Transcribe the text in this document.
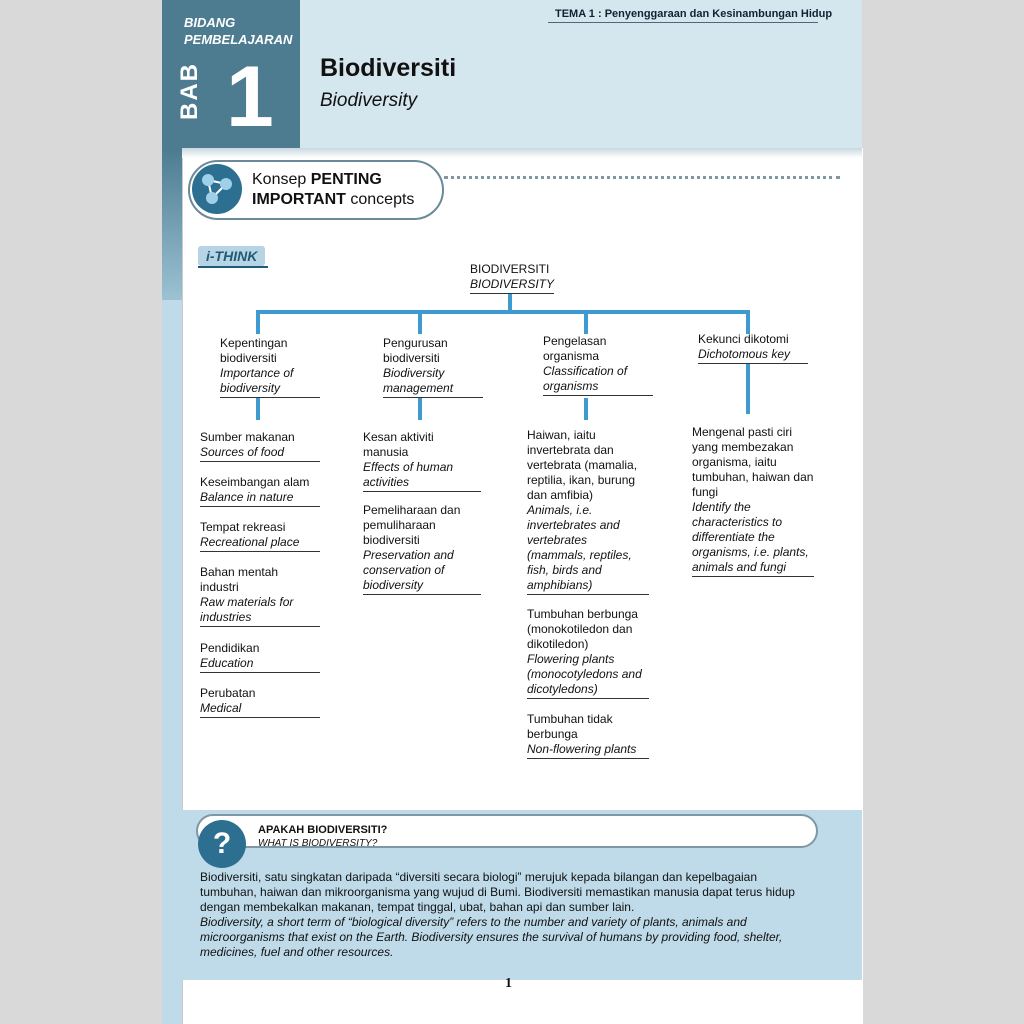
TEMA 1 : Penyenggaraan dan Kesinambungan Hidup
BIDANG
PEMBELAJARAN
BAB 1 Biodiversiti
Biodiversity
Konsep PENTING
IMPORTANT concepts
i-THINK
BIODIVERSITI
BIODIVERSITY
Kepentingan biodiversiti
Importance of biodiversity
Pengurusan biodiversiti
Biodiversity management
Pengelasan organisma
Classification of organisms
Kekunci dikotomi
Dichotomous key
Sumber makanan
Sources of food
Keseimbangan alam
Balance in nature
Tempat rekreasi
Recreational place
Bahan mentah industri
Raw materials for industries
Pendidikan
Education
Perubatan
Medical
Kesan aktiviti manusia
Effects of human activities
Pemeliharaan dan pemuliharaan biodiversiti
Preservation and conservation of biodiversity
Haiwan, iaitu invertebrata dan vertebrata (mamalia, reptilia, ikan, burung dan amfibia)
Animals, i.e. invertebrates and vertebrates (mammals, reptiles, fish, birds and amphibians)
Tumbuhan berbunga (monokotiledon dan dikotiledon)
Flowering plants (monocotyledons and dicotyledons)
Tumbuhan tidak berbunga
Non-flowering plants
Mengenal pasti ciri yang membezakan organisma, iaitu tumbuhan, haiwan dan fungi
Identify the characteristics to differentiate the organisms, i.e. plants, animals and fungi
?	APAKAH BIODIVERSITI?
WHAT IS BIODIVERSITY?
Biodiversiti, satu singkatan daripada “diversiti secara biologi” merujuk kepada bilangan dan kepelbagaian tumbuhan, haiwan dan mikroorganisma yang wujud di Bumi. Biodiversiti memastikan manusia dapat terus hidup dengan membekalkan makanan, tempat tinggal, ubat, bahan api dan sumber lain.
Biodiversity, a short term of “biological diversity” refers to the number and variety of plants, animals and microorganisms that exist on the Earth. Biodiversity ensures the survival of humans by providing food, shelter, medicines, fuel and other resources.
1
